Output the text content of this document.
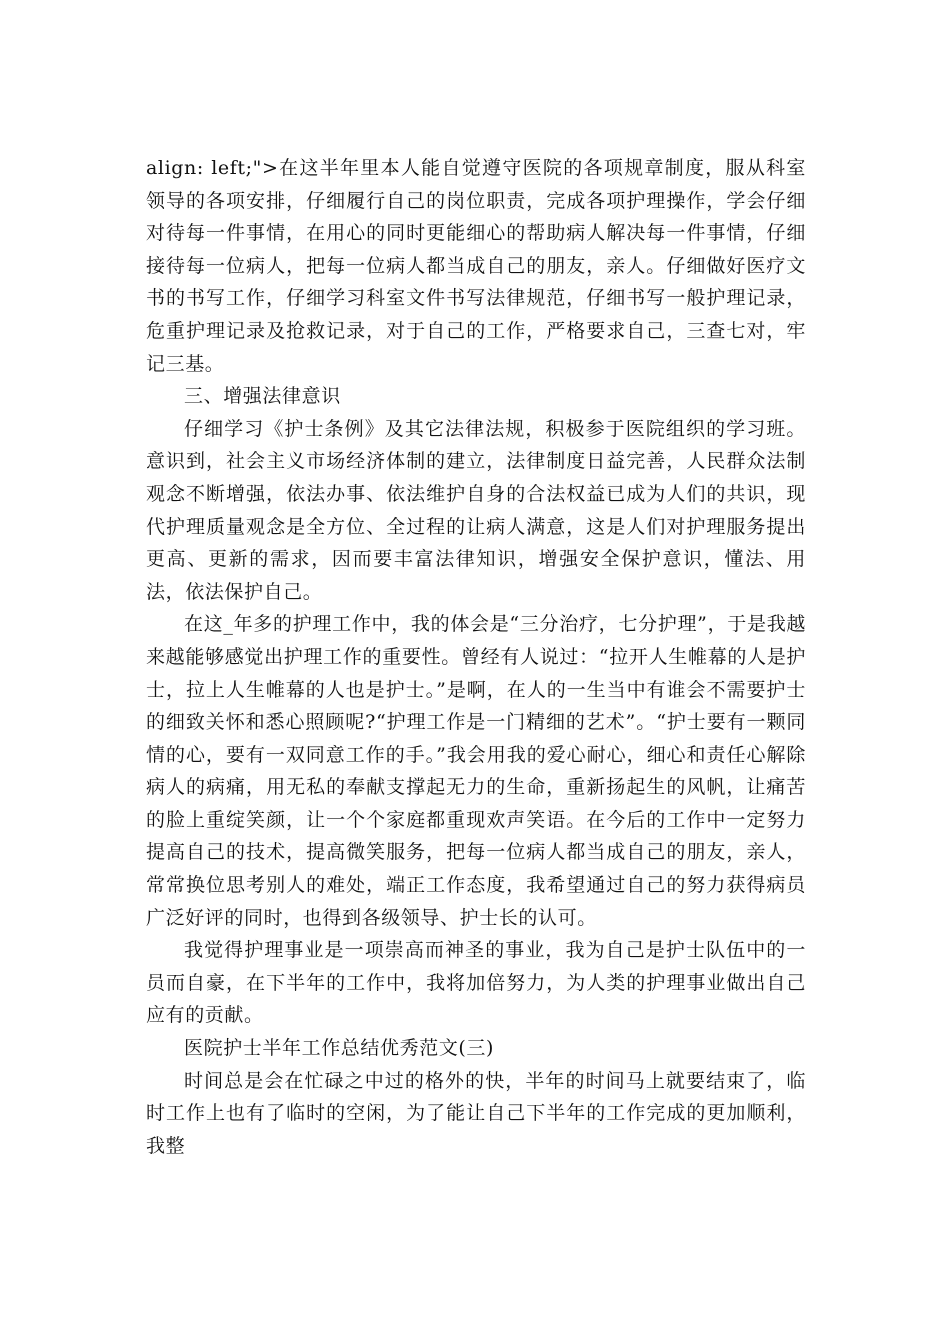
align: left;">在这半年里本人能自觉遵守医院的各项规章制度，服从科室领导的各项安排，仔细履行自己的岗位职责，完成各项护理操作，学会仔细对待每一件事情，在用心的同时更能细心的帮助病人解决每一件事情，仔细接待每一位病人，把每一位病人都当成自己的朋友，亲人。仔细做好医疗文书的书写工作，仔细学习科室文件书写法律规范，仔细书写一般护理记录，危重护理记录及抢救记录，对于自己的工作，严格要求自己，三查七对，牢记三基。

三、增强法律意识

仔细学习《护士条例》及其它法律法规，积极参于医院组织的学习班。意识到，社会主义市场经济体制的建立，法律制度日益完善，人民群众法制观念不断增强，依法办事、依法维护自身的合法权益已成为人们的共识，现代护理质量观念是全方位、全过程的让病人满意，这是人们对护理服务提出更高、更新的需求，因而要丰富法律知识，增强安全保护意识，懂法、用法，依法保护自己。

在这_年多的护理工作中，我的体会是“三分治疗，七分护理”，于是我越来越能够感觉出护理工作的重要性。曾经有人说过：“拉开人生帷幕的人是护士，拉上人生帷幕的人也是护士。”是啊，在人的一生当中有谁会不需要护士的细致关怀和悉心照顾呢?“护理工作是一门精细的艺术”。“护士要有一颗同情的心，要有一双同意工作的手。”我会用我的爱心耐心，细心和责任心解除病人的病痛，用无私的奉献支撑起无力的生命，重新扬起生的风帆，让痛苦的脸上重绽笑颜，让一个个家庭都重现欢声笑语。在今后的工作中一定努力提高自己的技术，提高微笑服务，把每一位病人都当成自己的朋友，亲人，常常换位思考别人的难处，端正工作态度，我希望通过自己的努力获得病员广泛好评的同时，也得到各级领导、护士长的认可。

我觉得护理事业是一项崇高而神圣的事业，我为自己是护士队伍中的一员而自豪，在下半年的工作中，我将加倍努力，为人类的护理事业做出自己应有的贡献。

医院护士半年工作总结优秀范文(三)

时间总是会在忙碌之中过的格外的快，半年的时间马上就要结束了，临时工作上也有了临时的空闲，为了能让自己下半年的工作完成的更加顺利，我整
